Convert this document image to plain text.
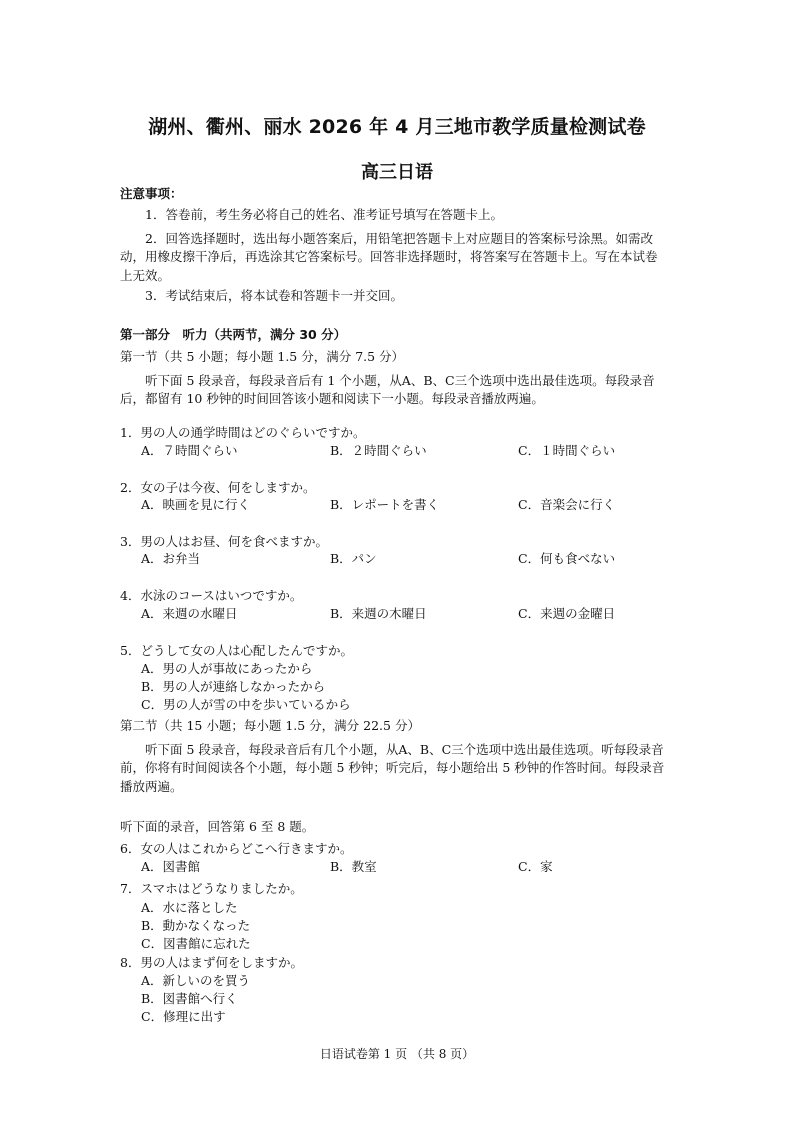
湖州、衢州、丽水 2026 年 4 月三地市教学质量检测试卷
高三日语
注意事项：
1．答卷前，考生务必将自己的姓名、准考证号填写在答题卡上。
2．回答选择题时，选出每小题答案后，用铅笔把答题卡上对应题目的答案标号涂黑。如需改动，用橡皮擦干净后，再选涂其它答案标号。回答非选择题时，将答案写在答题卡上。写在本试卷上无效。
3．考试结束后，将本试卷和答题卡一并交回。
第一部分　听力（共两节，满分 30 分）
第一节（共 5 小题；每小题 1.5 分，满分 7.5 分）
听下面 5 段录音，每段录音后有 1 个小题，从A、B、C三个选项中选出最佳选项。每段录音后，都留有 10 秒钟的时间回答该小题和阅读下一小题。每段录音播放两遍。
1．男の人の通学時間はどのぐらいですか。
A．７時間ぐらい	B．２時間ぐらい	C．１時間ぐらい
2．女の子は今夜、何をしますか。
A．映画を見に行く	B．レポートを書く	C．音楽会に行く
3．男の人はお昼、何を食べますか。
A．お弁当	B．パン	C．何も食べない
4．水泳のコースはいつですか。
A．来週の水曜日	B．来週の木曜日	C．来週の金曜日
5．どうして女の人は心配したんですか。
A．男の人が事故にあったから
B．男の人が連絡しなかったから
C．男の人が雪の中を歩いているから
第二节（共 15 小题；每小题 1.5 分，满分 22.5 分）
听下面 5 段录音，每段录音后有几个小题，从A、B、C三个选项中选出最佳选项。听每段录音前，你将有时间阅读各个小题，每小题 5 秒钟；听完后，每小题给出 5 秒钟的作答时间。每段录音播放两遍。
听下面的录音，回答第 6 至 8 题。
6．女の人はこれからどこへ行きますか。
A．図書館	B．教室	C．家
7．スマホはどうなりましたか。
A．水に落とした
B．動かなくなった
C．図書館に忘れた
8．男の人はまず何をしますか。
A．新しいのを買う
B．図書館へ行く
C．修理に出す
日语试卷第 1 页 （共 8 页）
